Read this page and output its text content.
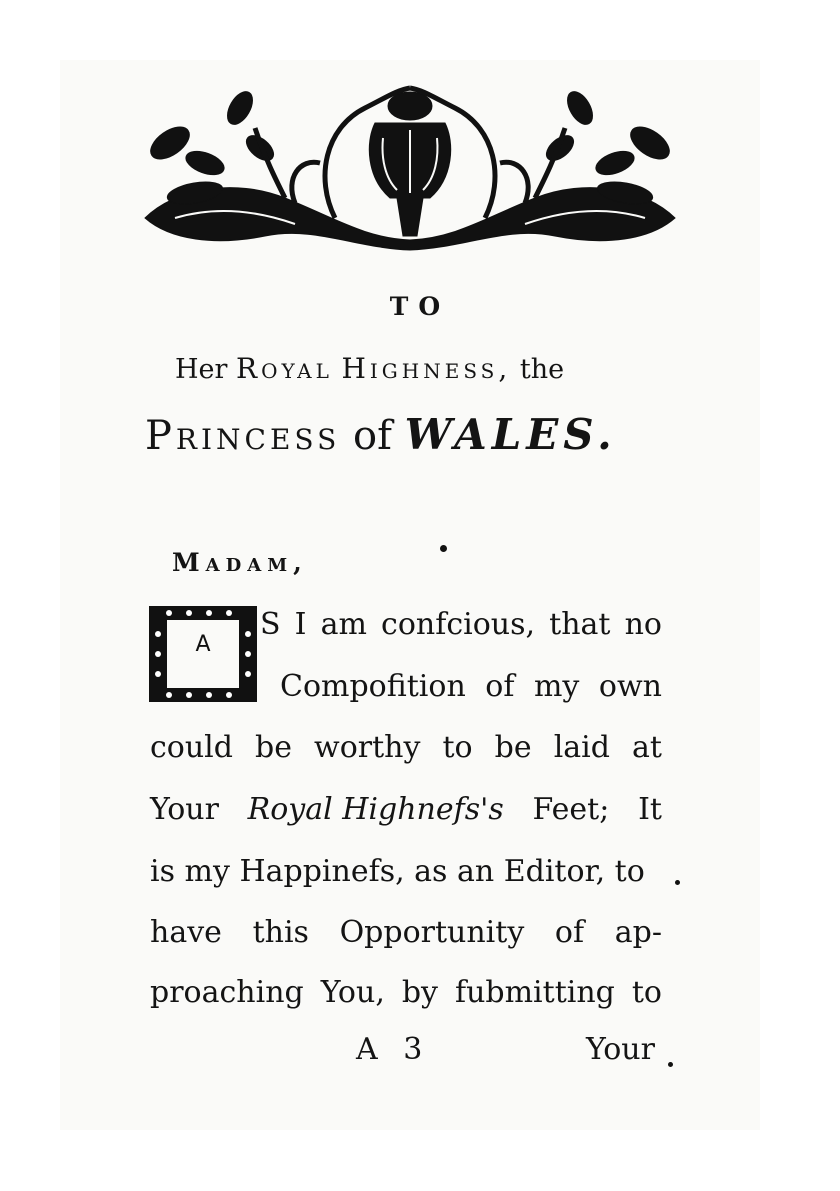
TO
Her Royal Highness, the
Princess of WALES.
Madam,
A
S I am confcious, that no
Compofition of my own
could be worthy to be laid at
Your Royal Highnefs's Feet; It
is my Happinefs, as an Editor, to
have this Opportunity of ap-
proaching You, by fubmitting to
A 3	Your
